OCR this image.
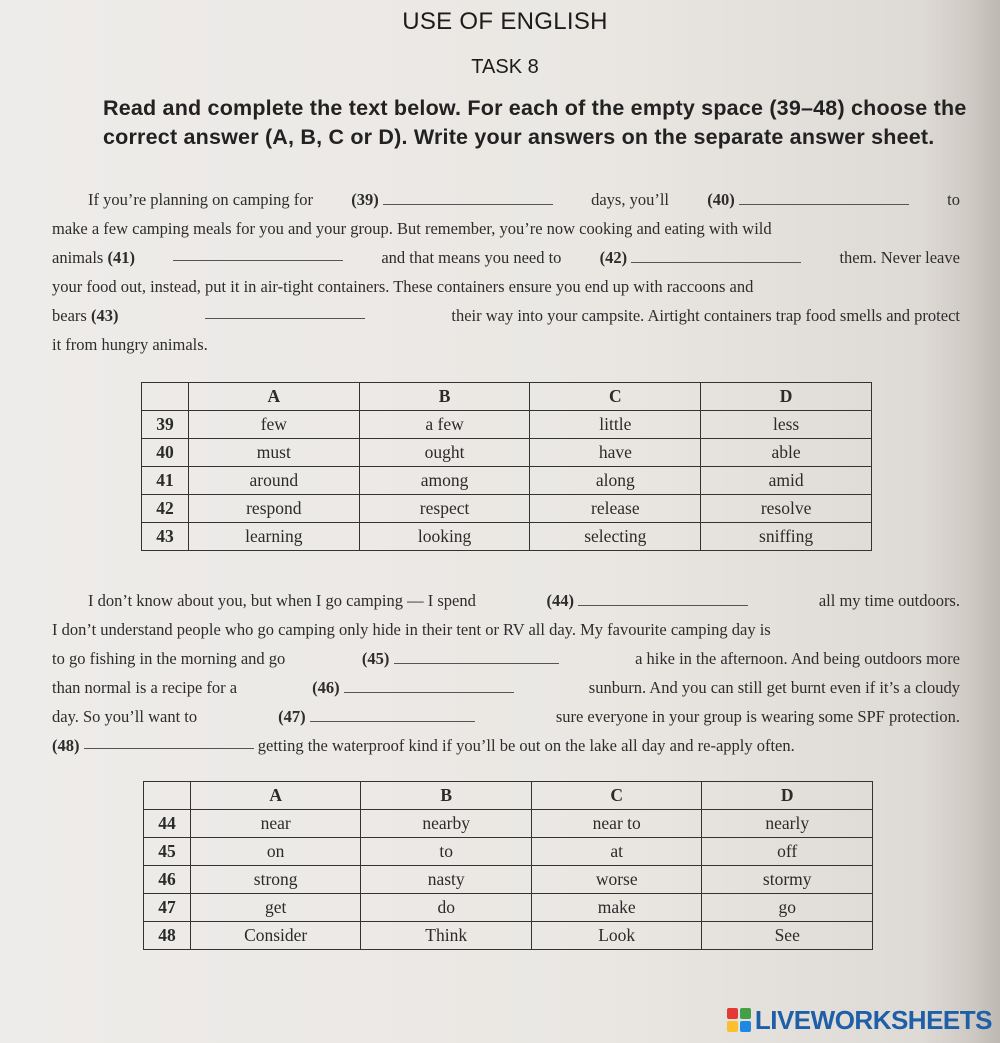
USE OF ENGLISH
TASK 8
Read and complete the text below. For each of the empty space (39–48) choose the correct answer (A, B, C or D). Write your answers on the separate answer sheet.
If you’re planning on camping for (39)	days, you’ll (40)	to
make a few camping meals for you and your group. But remember, you’re now cooking and eating with wild
animals (41)	and that means you need to (42)	them. Never leave
your food out, instead, put it in air-tight containers. These containers ensure you end up with raccoons and
bears (43)	their way into your campsite. Airtight containers trap food smells and protect
it from hungry animals.
	A	B	C	D
39	few	a few	little	less
40	must	ought	have	able
41	around	among	along	amid
42	respond	respect	release	resolve
43	learning	looking	selecting	sniffing
I don’t know about you, but when I go camping — I spend	(44)	all my time outdoors.
I don’t understand people who go camping only hide in their tent or RV all day. My favourite camping day is
to go fishing in the morning and go	(45)	a hike in the afternoon. And being outdoors more
than normal is a recipe for a	(46)	sunburn. And you can still get burnt even if it’s a cloudy
day. So you’ll want to	(47)	sure everyone in your group is wearing some SPF protection.
(48)

	getting the waterproof kind if you’ll be out on the lake all day and re-apply often.
	A	B	C	D
44	near	nearby	near to	nearly
45	on	to	at	off
46	strong	nasty	worse	stormy
47	get	do	make	go
48	Consider	Think	Look	See
LIVEWORKSHEETS
